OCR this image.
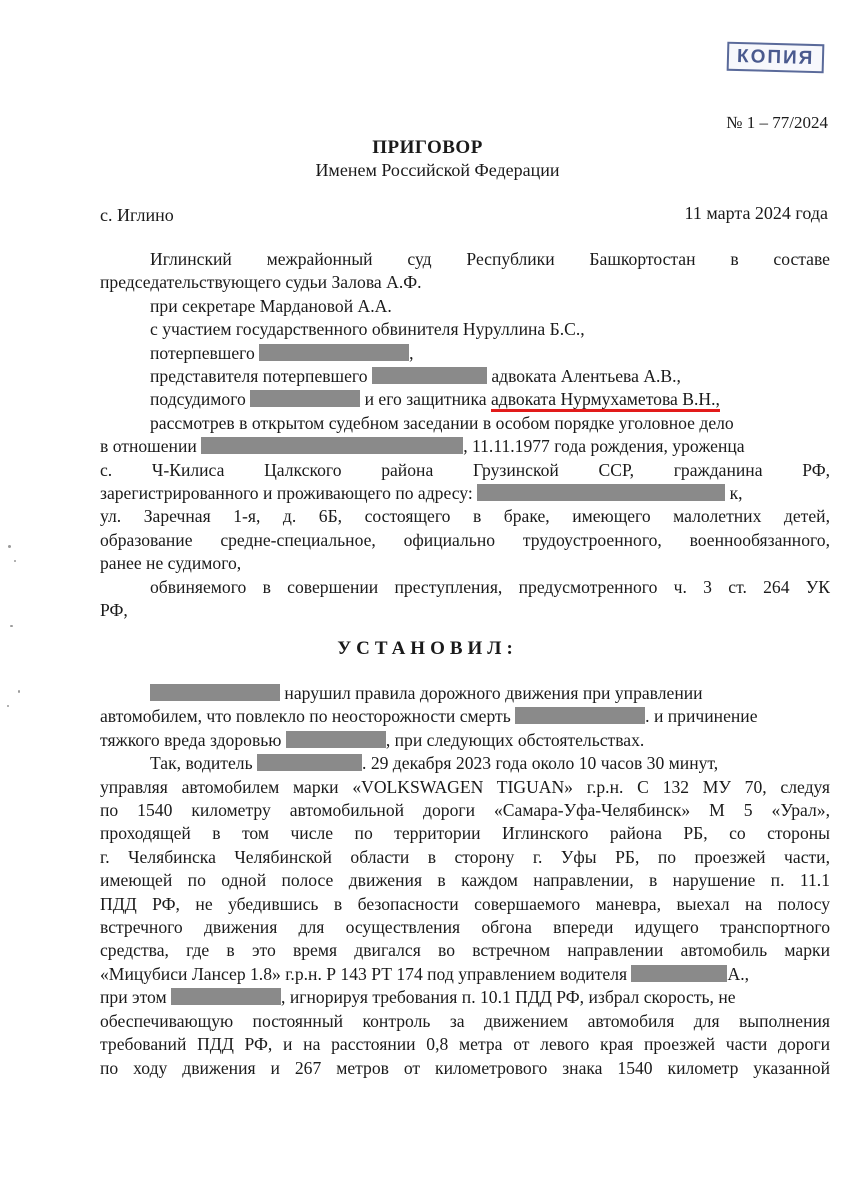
КОПИЯ
№ 1 – 77/2024
ПРИГОВОР
Именем Российской Федерации
с. Иглино	11 марта 2024 года
Иглинский межрайонный суд Республики Башкортостан в составе
председательствующего судьи Залова А.Ф.
при секретаре Мардановой А.А.
с участием государственного обвинителя Нуруллина Б.С.,
потерпевшего	,
представителя потерпевшего	адвоката Алентьева А.В.,
подсудимого	и его защитника адвоката Нурмухаметова В.Н.,
рассмотрев в открытом судебном заседании в особом порядке уголовное дело
в отношении	, 11.11.1977 года рождения, уроженца
с. Ч-Килиса Цалкского района Грузинской ССР, гражданина РФ,
зарегистрированного и проживающего по адресу:	к,
ул. Заречная 1-я, д. 6Б, состоящего в браке, имеющего малолетних детей,
образование средне-специальное, официально трудоустроенного, военнообязанного,
ранее не судимого,
обвиняемого в совершении преступления, предусмотренного ч. 3 ст. 264 УК
РФ,
УСТАНОВИЛ:
нарушил правила дорожного движения при управлении
автомобилем, что повлекло по неосторожности смерть	. и причинение
тяжкого вреда здоровью	, при следующих обстоятельствах.
Так, водитель	. 29 декабря 2023 года около 10 часов 30 минут,
управляя автомобилем марки «VOLKSWAGEN TIGUAN» г.р.н. С 132 МУ 70, следуя
по 1540 километру автомобильной дороги «Самара-Уфа-Челябинск» М 5 «Урал»,
проходящей в том числе по территории Иглинского района РБ, со стороны
г. Челябинска Челябинской области в сторону г. Уфы РБ, по проезжей части,
имеющей по одной полосе движения в каждом направлении, в нарушение п. 11.1
ПДД РФ, не убедившись в безопасности совершаемого маневра, выехал на полосу
встречного движения для осуществления обгона впереди идущего транспортного
средства, где в это время двигался во встречном направлении автомобиль марки
«Мицубиси Лансер 1.8» г.р.н. Р 143 РТ 174 под управлением водителя	А.,
при этом	, игнорируя требования п. 10.1 ПДД РФ, избрал скорость, не
обеспечивающую постоянный контроль за движением автомобиля для выполнения
требований ПДД РФ, и на расстоянии 0,8 метра от левого края проезжей части дороги
по ходу движения и 267 метров от километрового знака 1540 километр указанной
